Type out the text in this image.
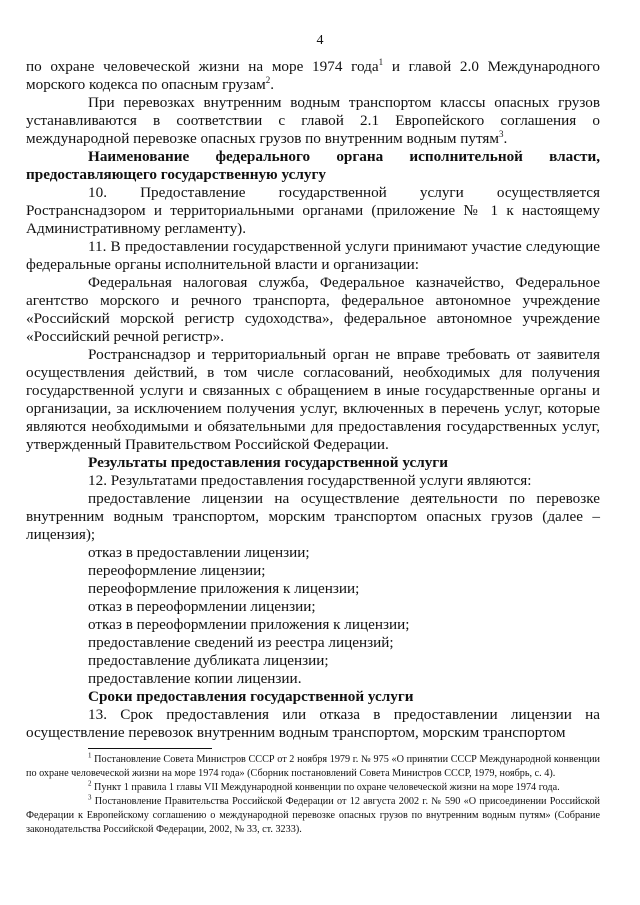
4

по охране человеческой жизни на море 1974 года$^1$ и главой 2.0 Международного морского кодекса по опасным грузам$^2$.

При перевозках внутренним водным транспортом классы опасных грузов устанавливаются в соответствии с главой 2.1 Европейского соглашения о международной перевозке опасных грузов по внутренним водным путям$^3$.

Наименование федерального органа исполнительной власти, предоставляющего государственную услугу

10. Предоставление государственной услуги осуществляется Ространснадзором и территориальными органами (приложение № 1 к настоящему Административному регламенту).

11. В предоставлении государственной услуги принимают участие следующие федеральные органы исполнительной власти и организации:

Федеральная налоговая служба, Федеральное казначейство, Федеральное агентство морского и речного транспорта, федеральное автономное учреждение «Российский морской регистр судоходства», федеральное автономное учреждение «Российский речной регистр».

Ространснадзор и территориальный орган не вправе требовать от заявителя осуществления действий, в том числе согласований, необходимых для получения государственной услуги и связанных с обращением в иные государственные органы и организации, за исключением получения услуг, включенных в перечень услуг, которые являются необходимыми и обязательными для предоставления государственных услуг, утвержденный Правительством Российской Федерации.

Результаты предоставления государственной услуги

12. Результатами предоставления государственной услуги являются:

предоставление лицензии на осуществление деятельности по перевозке внутренним водным транспортом, морским транспортом опасных грузов (далее – лицензия);

отказ в предоставлении лицензии;

переоформление лицензии;

переоформление приложения к лицензии;

отказ в переоформлении лицензии;

отказ в переоформлении приложения к лицензии;

предоставление сведений из реестра лицензий;

предоставление дубликата лицензии;

предоставление копии лицензии.

Сроки предоставления государственной услуги

13. Срок предоставления или отказа в предоставлении лицензии на осуществление перевозок внутренним водным транспортом, морским транспортом

$^1$ Постановление Совета Министров СССР от 2 ноября 1979 г. № 975 «О принятии СССР Международной конвенции по охране человеческой жизни на море 1974 года» (Сборник постановлений Совета Министров СССР, 1979, ноябрь, с. 4).

$^2$ Пункт 1 правила 1 главы VII Международной конвенции по охране человеческой жизни на море 1974 года.

$^3$ Постановление Правительства Российской Федерации от 12 августа 2002 г. № 590 «О присоединении Российской Федерации к Европейскому соглашению о международной перевозке опасных грузов по внутренним водным путям» (Собрание законодательства Российской Федерации, 2002, № 33, ст. 3233).
